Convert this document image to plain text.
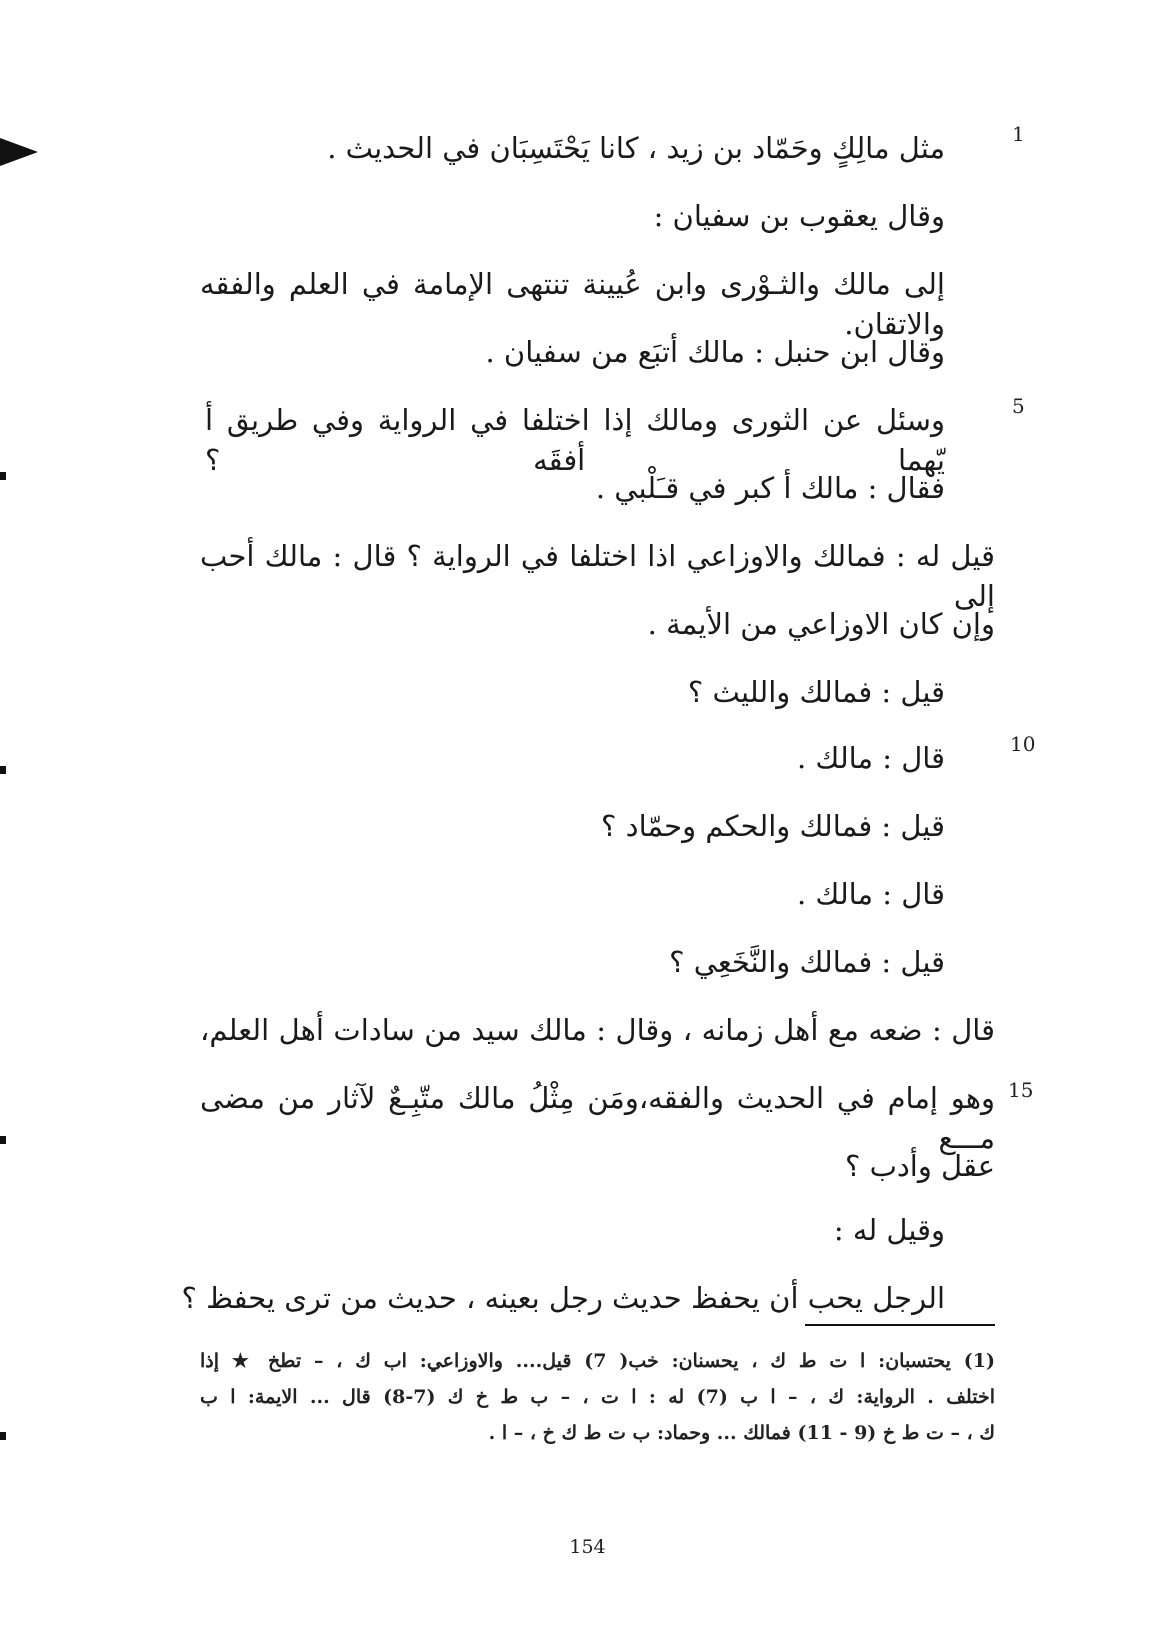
1
5
10
15
مثل مالِكٍ وحَمّاد بن زيد ، كانا يَحْتَسِبَان في الحديث .
وقال يعقوب بن سفيان :
إلى مالك والثـوْرى وابن عُيينة تنتهى الإمامة في العلم والفقه والاتقان.
وقال ابن حنبل : مالك أتبَع من سفيان .
وسئل عن الثورى ومالك إذا اختلفا في الرواية وفي طريق أ يّهما أفقَه ؟
فقال : مالك أ كبر في قـَلْبي .
قيل له : فمالك والاوزاعي اذا اختلفا في الرواية ؟ قال : مالك أحب إلى
وإن كان الاوزاعي من الأيمة .
قيل : فمالك والليث ؟
قال : مالك .
قيل : فمالك والحكم وحمّاد ؟
قال : مالك .
قيل : فمالك والنَّخَعِي ؟
قال : ضعه مع أهل زمانه ، وقال : مالك سيد من سادات أهل العلم،
وهو إمام في الحديث والفقه،ومَن مِثْلُ مالك متّبِـعٌ لآثار من مضى مـــع
عقل وأدب ؟
وقيل له :
الرجل يحب أن يحفظ حديث رجل بعينه ، حديث من ترى يحفظ ؟
(1) يحتسبان: ا ت ط ك ، يحسنان: خب( 7) قيل.... والاوزاعي: اب ك ، – تطخ ★ إذا
اختلف . الرواية: ك ، – ا ب (7) له : ا ت ، – ب ط خ ك (7-8) قال ... الايمة: ا ب
ك ، – ت ط خ (9 - 11) فمالك ... وحماد: ب ت ط ك خ ، – ا .
154
